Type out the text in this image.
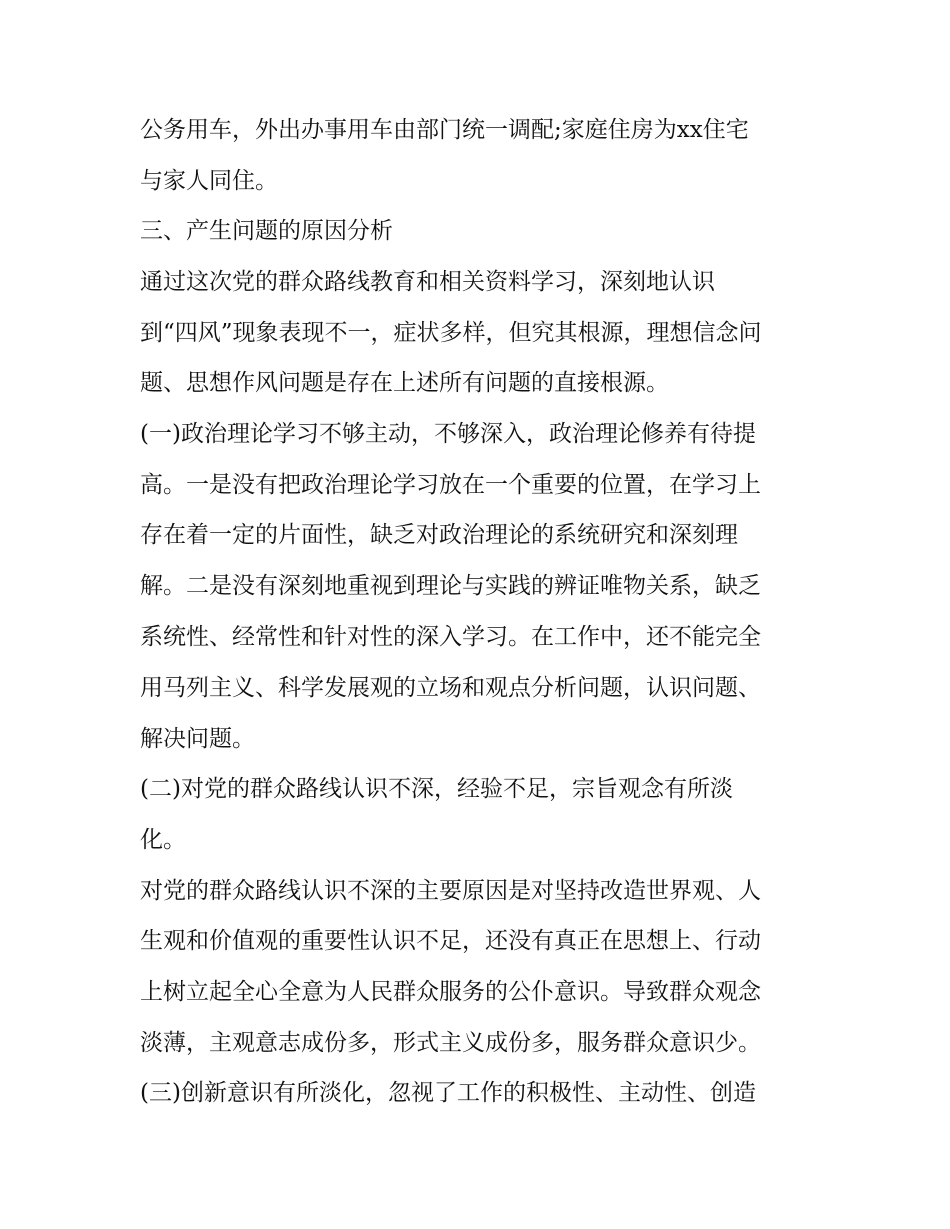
公务用车，外出办事用车由部门统一调配;家庭住房为xx住宅

与家人同住。

三、产生问题的原因分析

通过这次党的群众路线教育和相关资料学习，深刻地认识

到“四风”现象表现不一，症状多样，但究其根源，理想信念问

题、思想作风问题是存在上述所有问题的直接根源。

(一)政治理论学习不够主动，不够深入，政治理论修养有待提

高。一是没有把政治理论学习放在一个重要的位置，在学习上

存在着一定的片面性，缺乏对政治理论的系统研究和深刻理

解。二是没有深刻地重视到理论与实践的辨证唯物关系，缺乏

系统性、经常性和针对性的深入学习。在工作中，还不能完全

用马列主义、科学发展观的立场和观点分析问题，认识问题、

解决问题。

(二)对党的群众路线认识不深，经验不足，宗旨观念有所淡

化。

对党的群众路线认识不深的主要原因是对坚持改造世界观、人

生观和价值观的重要性认识不足，还没有真正在思想上、行动

上树立起全心全意为人民群众服务的公仆意识。导致群众观念

淡薄，主观意志成份多，形式主义成份多，服务群众意识少。

(三)创新意识有所淡化，忽视了工作的积极性、主动性、创造
